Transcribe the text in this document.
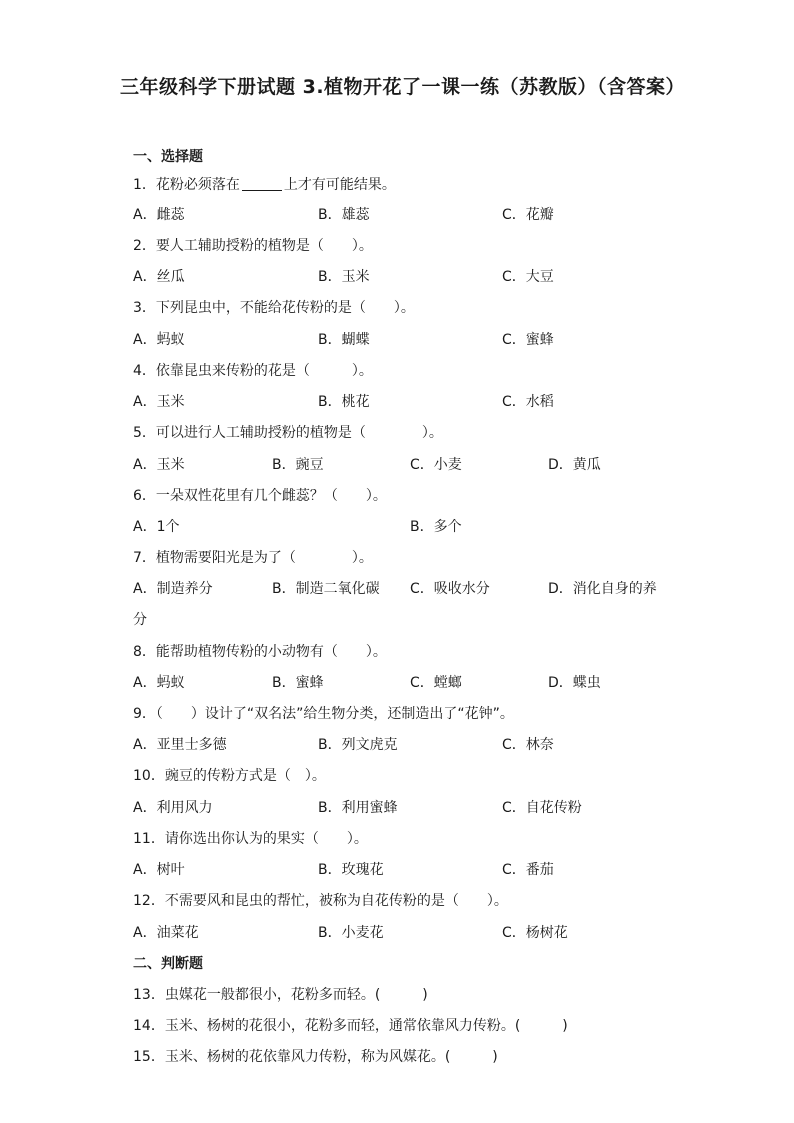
三年级科学下册试题 3.植物开花了一课一练（苏教版）（含答案）
一、选择题
1．花粉必须落在	上才有可能结果。
A．雌蕊	B．雄蕊	C．花瓣
2．要人工辅助授粉的植物是（　　）。
A．丝瓜	B．玉米	C．大豆
3．下列昆虫中，不能给花传粉的是（　　）。
A．蚂蚁	B．蝴蝶	C．蜜蜂
4．依靠昆虫来传粉的花是（　　　）。
A．玉米	B．桃花	C．水稻
5．可以进行人工辅助授粉的植物是（　　　　）。
A．玉米	B．豌豆	C．小麦	D．黄瓜
6．一朵双性花里有几个雌蕊？（　　）。
A．1个	B．多个
7．植物需要阳光是为了（　　　　）。
A．制造养分	B．制造二氧化碳 C．吸收水分	D．消化自身的养
分
8．能帮助植物传粉的小动物有（　　）。
A．蚂蚁	B．蜜蜂	C．螳螂	D．蝶虫
9．（　　）设计了“双名法”给生物分类，还制造出了“花钟”。
A．亚里士多德	B．列文虎克	C．林奈
10．豌豆的传粉方式是（　）。
A．利用风力	B．利用蜜蜂	C．自花传粉
11．请你选出你认为的果实（　　）。
A．树叶	B．玫瑰花	C．番茄
12．不需要风和昆虫的帮忙，被称为自花传粉的是（　　）。
A．油菜花	B．小麦花	C．杨树花
二、判断题
13．虫媒花一般都很小，花粉多而轻。(　　　)
14．玉米、杨树的花很小，花粉多而轻，通常依靠风力传粉。(　　　)
15．玉米、杨树的花依靠风力传粉，称为风媒花。(　　　)
